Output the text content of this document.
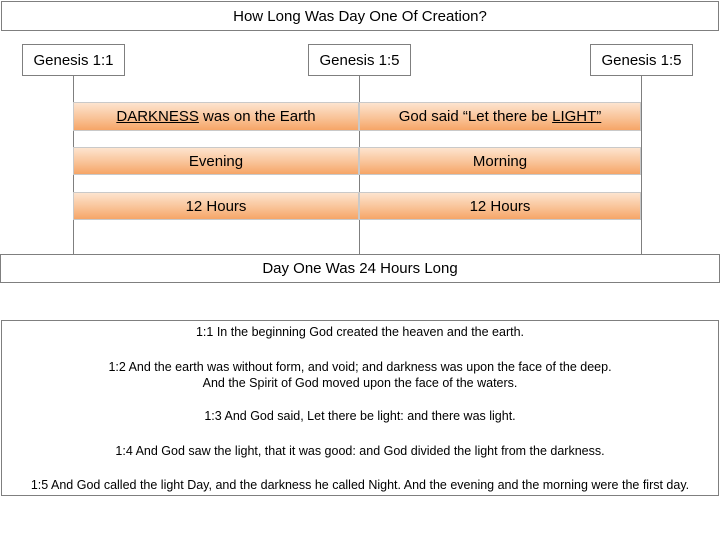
How Long Was Day One Of Creation?
Genesis 1:1	Genesis 1:5	Genesis 1:5
DARKNESS was on the Earth
Evening
12 Hours
God said “Let there be LIGHT”
Morning
12 Hours
Day One Was 24 Hours Long

1:1 In the beginning God created the heaven and the earth.

1:2 And the earth was without form, and void; and darkness was upon the face of the deep.

And the Spirit of God moved upon the face of the waters.

1:3 And God said, Let there be light: and there was light.

1:4 And God saw the light, that it was good: and God divided the light from the darkness.

1:5 And God called the light Day, and the darkness he called Night. And the evening and the morning were the first day.
